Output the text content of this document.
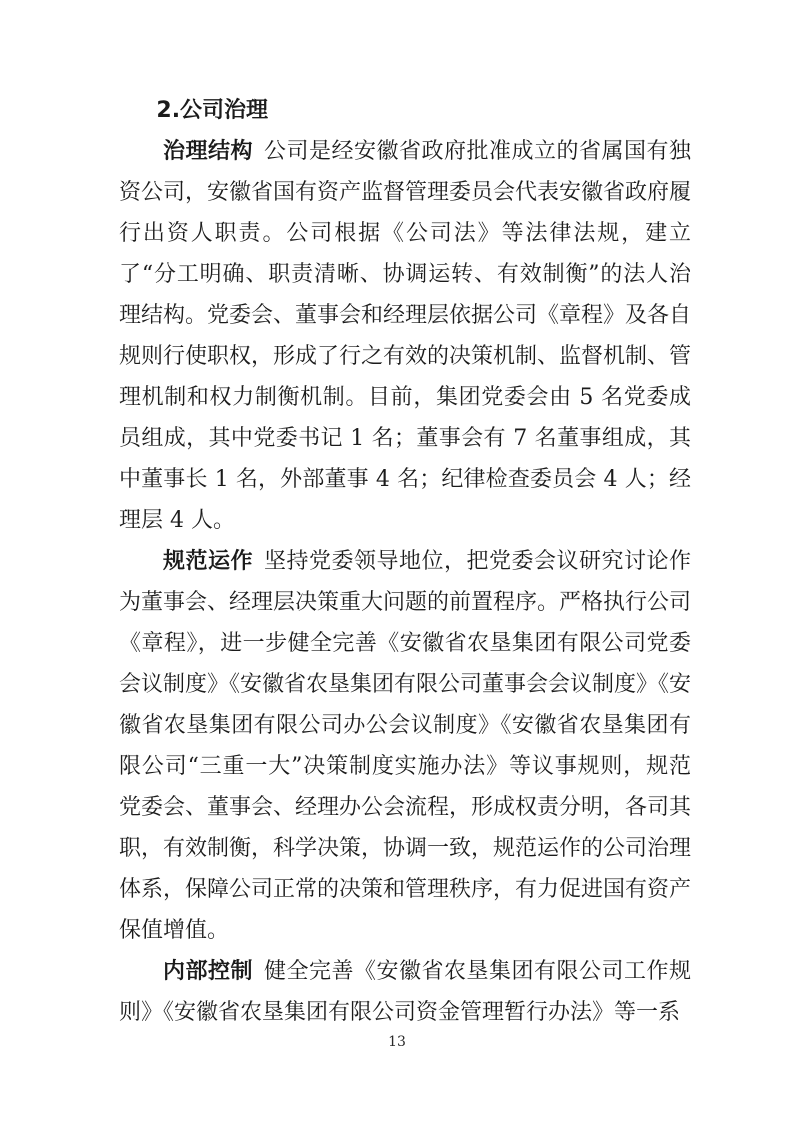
2.公司治理

治理结构 公司是经安徽省政府批准成立的省属国有独资公司，安徽省国有资产监督管理委员会代表安徽省政府履行出资人职责。公司根据《公司法》等法律法规，建立了“分工明确、职责清晰、协调运转、有效制衡”的法人治理结构。党委会、董事会和经理层依据公司《章程》及各自规则行使职权，形成了行之有效的决策机制、监督机制、管理机制和权力制衡机制。目前，集团党委会由 5 名党委成员组成，其中党委书记 1 名；董事会有 7 名董事组成，其中董事长 1 名，外部董事 4 名；纪律检查委员会 4 人；经理层 4 人。

规范运作 坚持党委领导地位，把党委会议研究讨论作为董事会、经理层决策重大问题的前置程序。严格执行公司《章程》，进一步健全完善《安徽省农垦集团有限公司党委会议制度》《安徽省农垦集团有限公司董事会会议制度》《安徽省农垦集团有限公司办公会议制度》《安徽省农垦集团有限公司“三重一大”决策制度实施办法》等议事规则，规范党委会、董事会、经理办公会流程，形成权责分明，各司其职，有效制衡，科学决策，协调一致，规范运作的公司治理体系，保障公司正常的决策和管理秩序，有力促进国有资产保值增值。

内部控制 健全完善《安徽省农垦集团有限公司工作规则》《安徽省农垦集团有限公司资金管理暂行办法》等一系

13
